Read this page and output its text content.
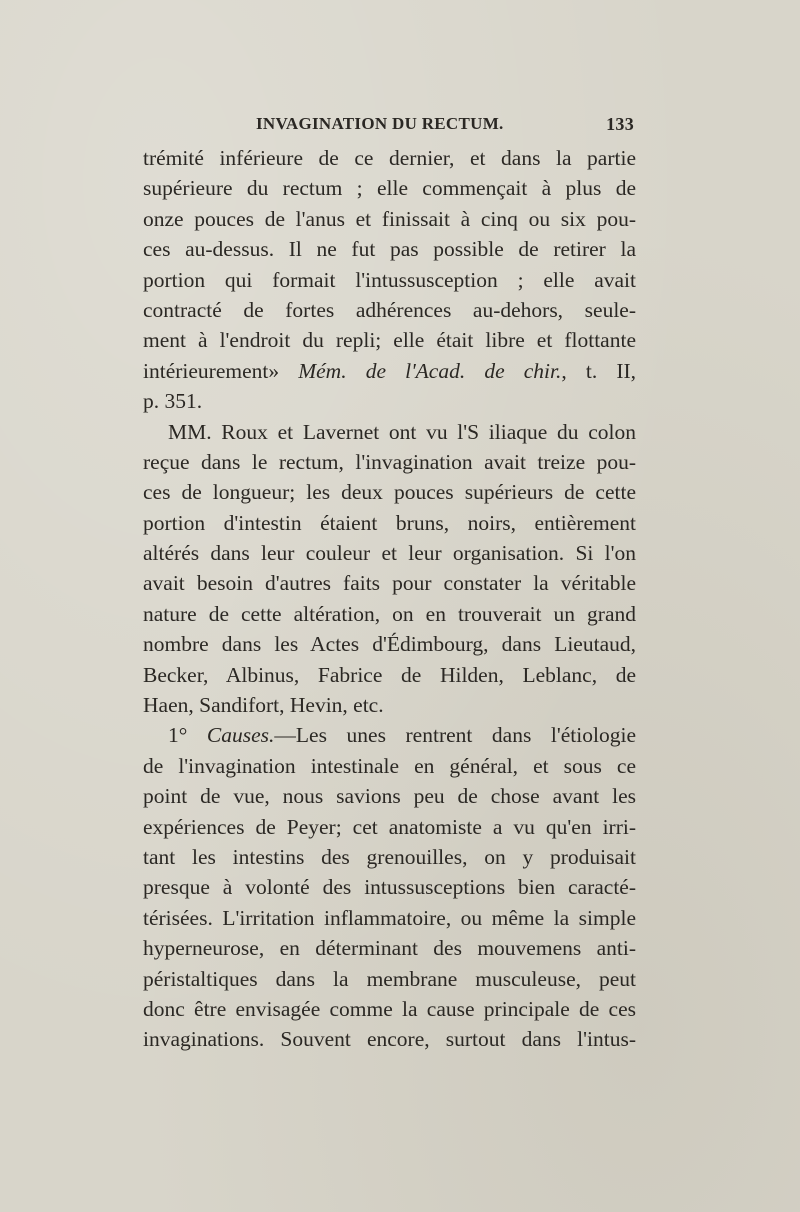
INVAGINATION DU RECTUM.	133
trémité inférieure de ce dernier, et dans la partie
supérieure du rectum ; elle commençait à plus de
onze pouces de l'anus et finissait à cinq ou six pou-
ces au-dessus. Il ne fut pas possible de retirer la
portion qui formait l'intussusception ; elle avait
contracté de fortes adhérences au-dehors, seule-
ment à l'endroit du repli; elle était libre et flottante
intérieurement» Mém. de l'Acad. de chir., t. II,
p. 351.
MM. Roux et Lavernet ont vu l'S iliaque du colon
reçue dans le rectum, l'invagination avait treize pou-
ces de longueur; les deux pouces supérieurs de cette
portion d'intestin étaient bruns, noirs, entièrement
altérés dans leur couleur et leur organisation. Si l'on
avait besoin d'autres faits pour constater la véritable
nature de cette altération, on en trouverait un grand
nombre dans les Actes d'Édimbourg, dans Lieutaud,
Becker, Albinus, Fabrice de Hilden, Leblanc, de
Haen, Sandifort, Hevin, etc.
1° Causes.—Les unes rentrent dans l'étiologie
de l'invagination intestinale en général, et sous ce
point de vue, nous savions peu de chose avant les
expériences de Peyer; cet anatomiste a vu qu'en irri-
tant les intestins des grenouilles, on y produisait
presque à volonté des intussusceptions bien caracté-
térisées. L'irritation inflammatoire, ou même la simple
hyperneurose, en déterminant des mouvemens anti-
péristaltiques dans la membrane musculeuse, peut
donc être envisagée comme la cause principale de ces
invaginations. Souvent encore, surtout dans l'intus-
